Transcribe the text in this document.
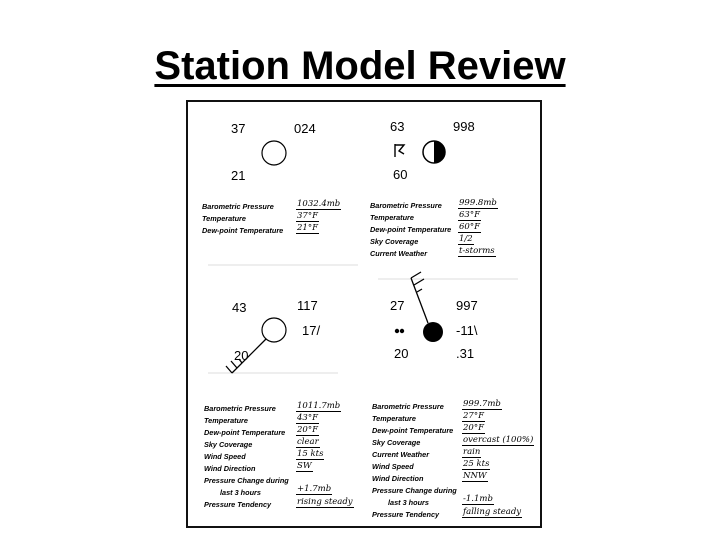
Station Model Review
37	024
21
63	998
60
Barometric Pressure	1032.4mb
Temperature	37°F
Dew-point Temperature 21°F
Barometric Pressure 999.8mb
Temperature	63°F
Dew-point Temperature 60°F
Sky Coverage	1/2
Current Weather	t-storms
43	117
17/
20
27	997
-11\
20	.31
Barometric Pressure 1011.7mb
Temperature	43°F
Dew-point Temperature 20°F
Sky Coverage	clear
Wind Speed	15 kts
Wind Direction	SW
Pressure Change during
+1.7mb
last 3 hours
Pressure Tendency	rising steady
Barometric Pressure 999.7mb
Temperature	27°F
Dew-point Temperature 20°F
Sky Coverage	overcast (100%)
Current Weather	rain
Wind Speed	25 kts
Wind Direction	NNW
Pressure Change during
-1.1mb
last 3 hours
Pressure Tendency	falling steady
